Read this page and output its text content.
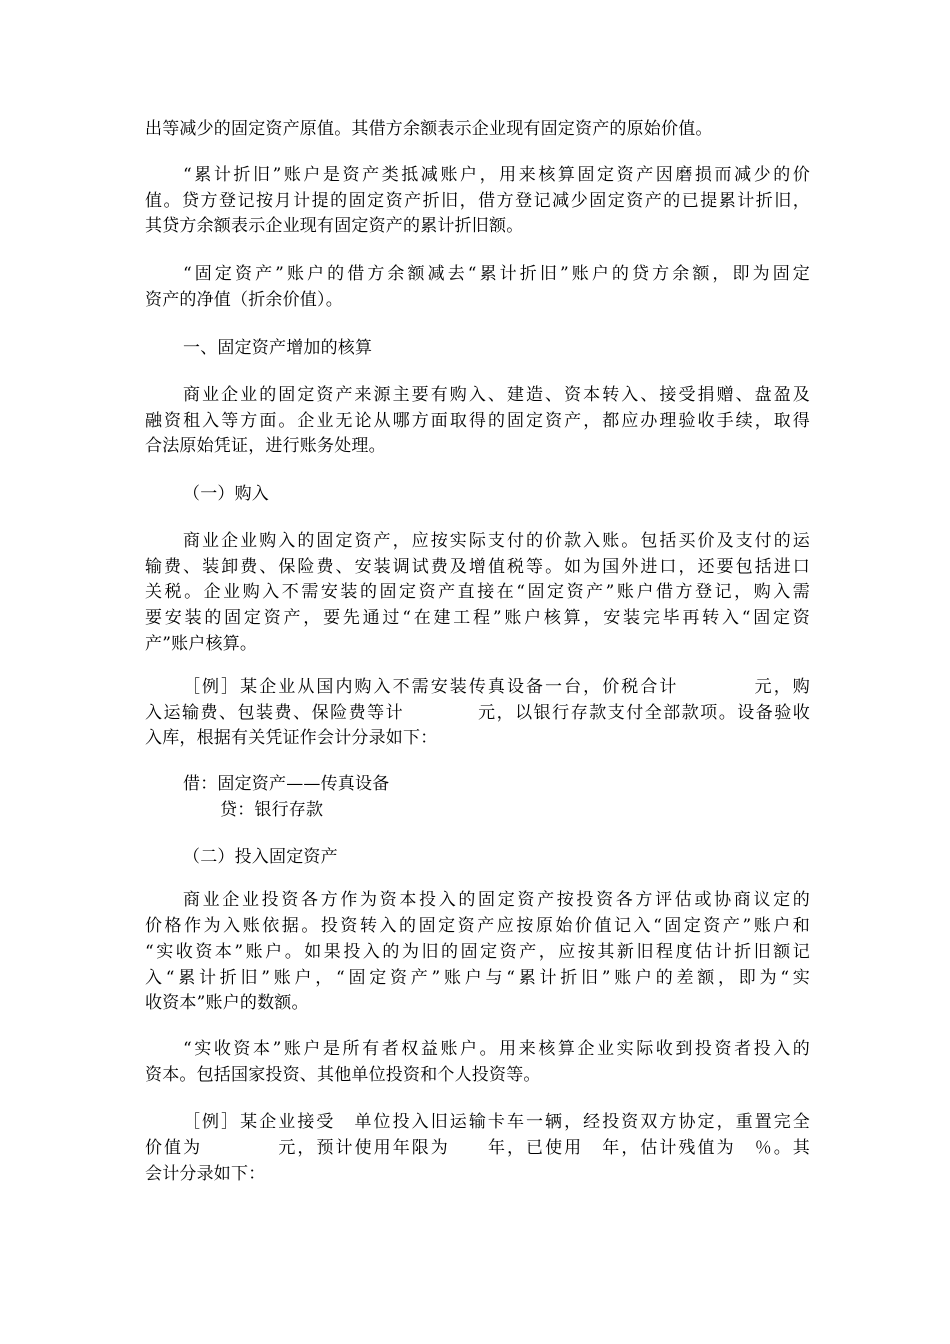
出等减少的固定资产原值。其借方余额表示企业现有固定资产的原始价值。
“累计折旧”账户是资产类抵减账户，用来核算固定资产因磨损而减少的价
值。贷方登记按月计提的固定资产折旧，借方登记减少固定资产的已提累计折旧，
其贷方余额表示企业现有固定资产的累计折旧额。
“固定资产”账户的借方余额减去“累计折旧”账户的贷方余额，即为固定
资产的净值（折余价值）。
一、固定资产增加的核算
商业企业的固定资产来源主要有购入、建造、资本转入、接受捐赠、盘盈及
融资租入等方面。企业无论从哪方面取得的固定资产，都应办理验收手续，取得
合法原始凭证，进行账务处理。
（一）购入
商业企业购入的固定资产，应按实际支付的价款入账。包括买价及支付的运
输费、装卸费、保险费、安装调试费及增值税等。如为国外进口，还要包括进口
关税。企业购入不需安装的固定资产直接在“固定资产”账户借方登记，购入需
要安装的固定资产，要先通过“在建工程”账户核算，安装完毕再转入“固定资
产”账户核算。
［例］某企业从国内购入不需安装传真设备一台，价税合计　　　　元，购
入运输费、包装费、保险费等计　　　　元，以银行存款支付全部款项。设备验收
入库，根据有关凭证作会计分录如下：
借：固定资产——传真设备
贷：银行存款
（二）投入固定资产
商业企业投资各方作为资本投入的固定资产按投资各方评估或协商议定的
价格作为入账依据。投资转入的固定资产应按原始价值记入“固定资产”账户和
“实收资本”账户。如果投入的为旧的固定资产，应按其新旧程度估计折旧额记
入“累计折旧”账户，“固定资产”账户与“累计折旧”账户的差额，即为“实
收资本”账户的数额。
“实收资本”账户是所有者权益账户。用来核算企业实际收到投资者投入的
资本。包括国家投资、其他单位投资和个人投资等。
［例］某企业接受　单位投入旧运输卡车一辆，经投资双方协定，重置完全
价值为　　　　元，预计使用年限为　　年，已使用　年，估计残值为　％。其
会计分录如下：
